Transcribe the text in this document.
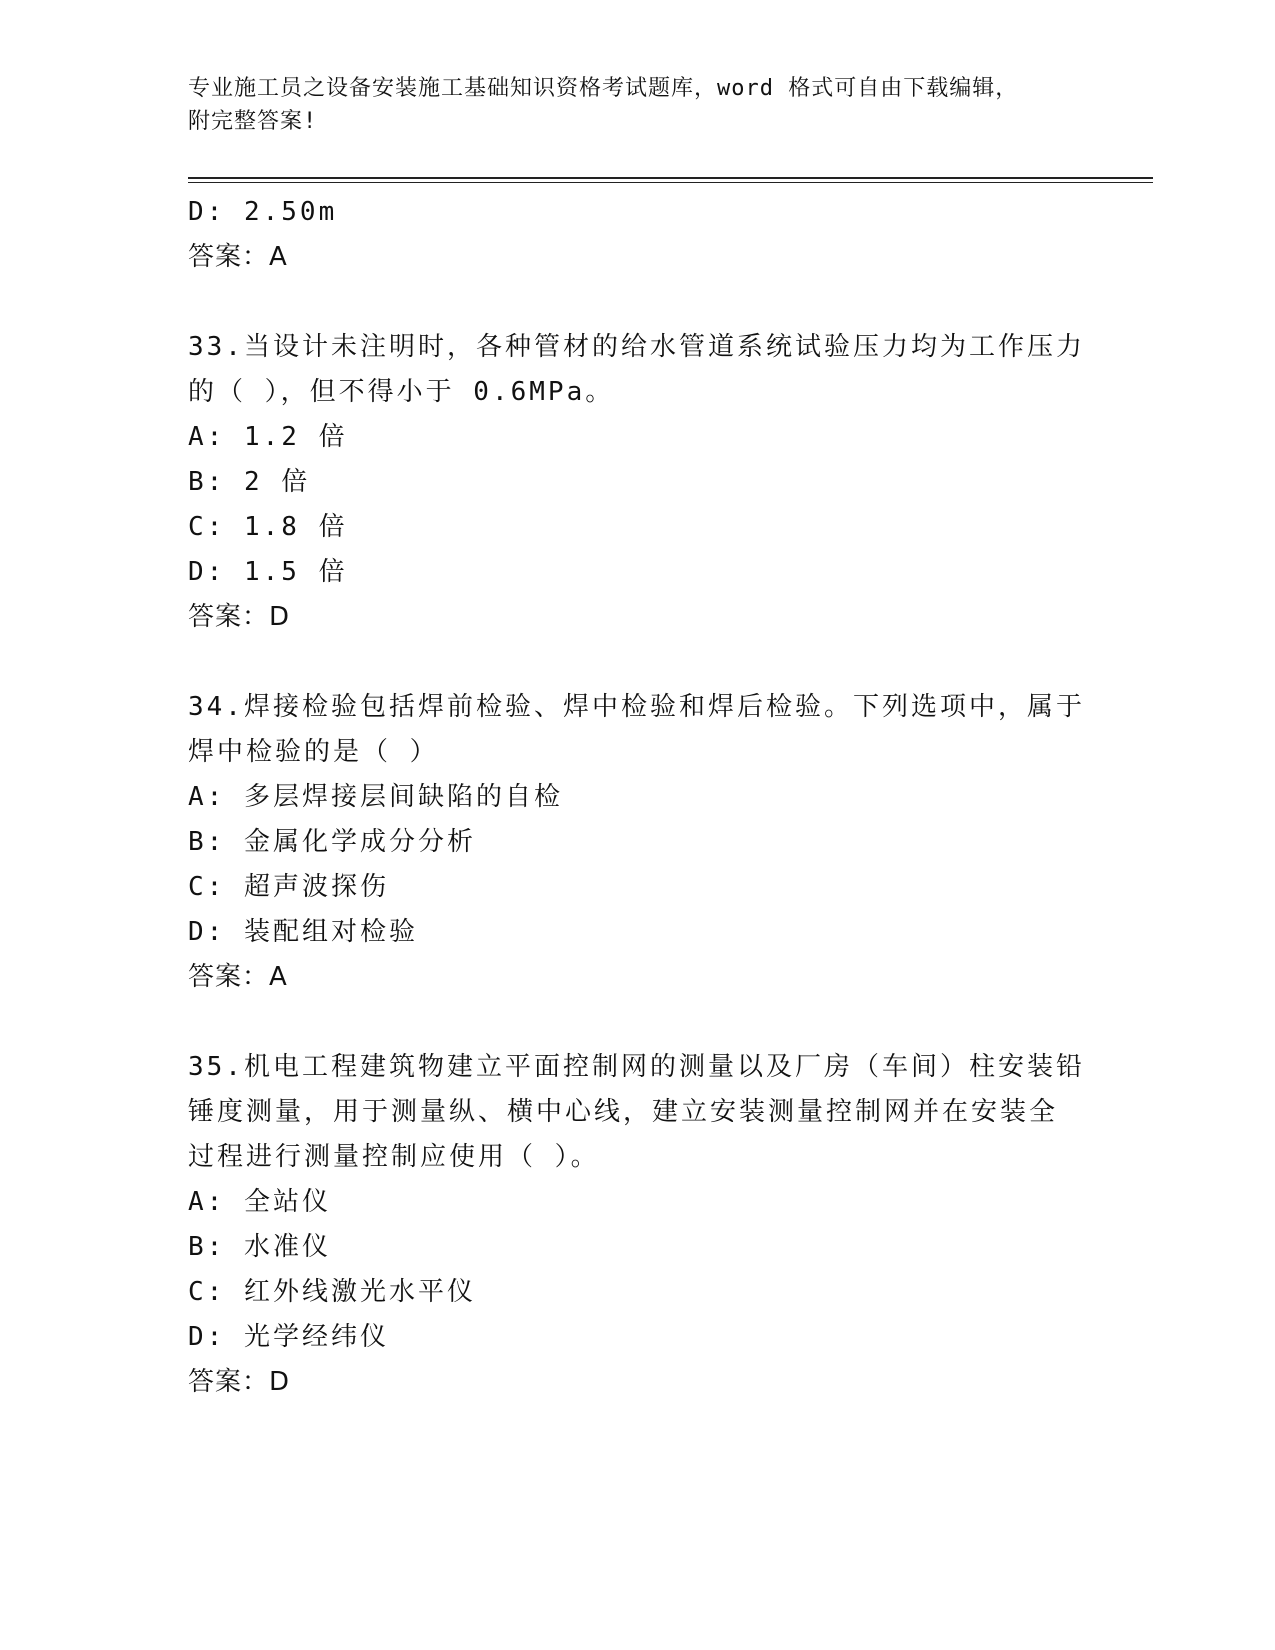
专业施工员之设备安装施工基础知识资格考试题库，word 格式可自由下载编辑，
附完整答案!
D: 2.50m
答案：A
33.当设计未注明时，各种管材的给水管道系统试验压力均为工作压力
的（ ），但不得小于 0.6MPa。
A: 1.2 倍
B: 2 倍
C: 1.8 倍
D: 1.5 倍
答案：D
34.焊接检验包括焊前检验、焊中检验和焊后检验。下列选项中，属于
焊中检验的是（ ）
A: 多层焊接层间缺陷的自检
B: 金属化学成分分析
C: 超声波探伤
D: 装配组对检验
答案：A
35.机电工程建筑物建立平面控制网的测量以及厂房（车间）柱安装铅
锤度测量，用于测量纵、横中心线，建立安装测量控制网并在安装全
过程进行测量控制应使用（ ）。
A: 全站仪
B: 水准仪
C: 红外线激光水平仪
D: 光学经纬仪
答案：D
